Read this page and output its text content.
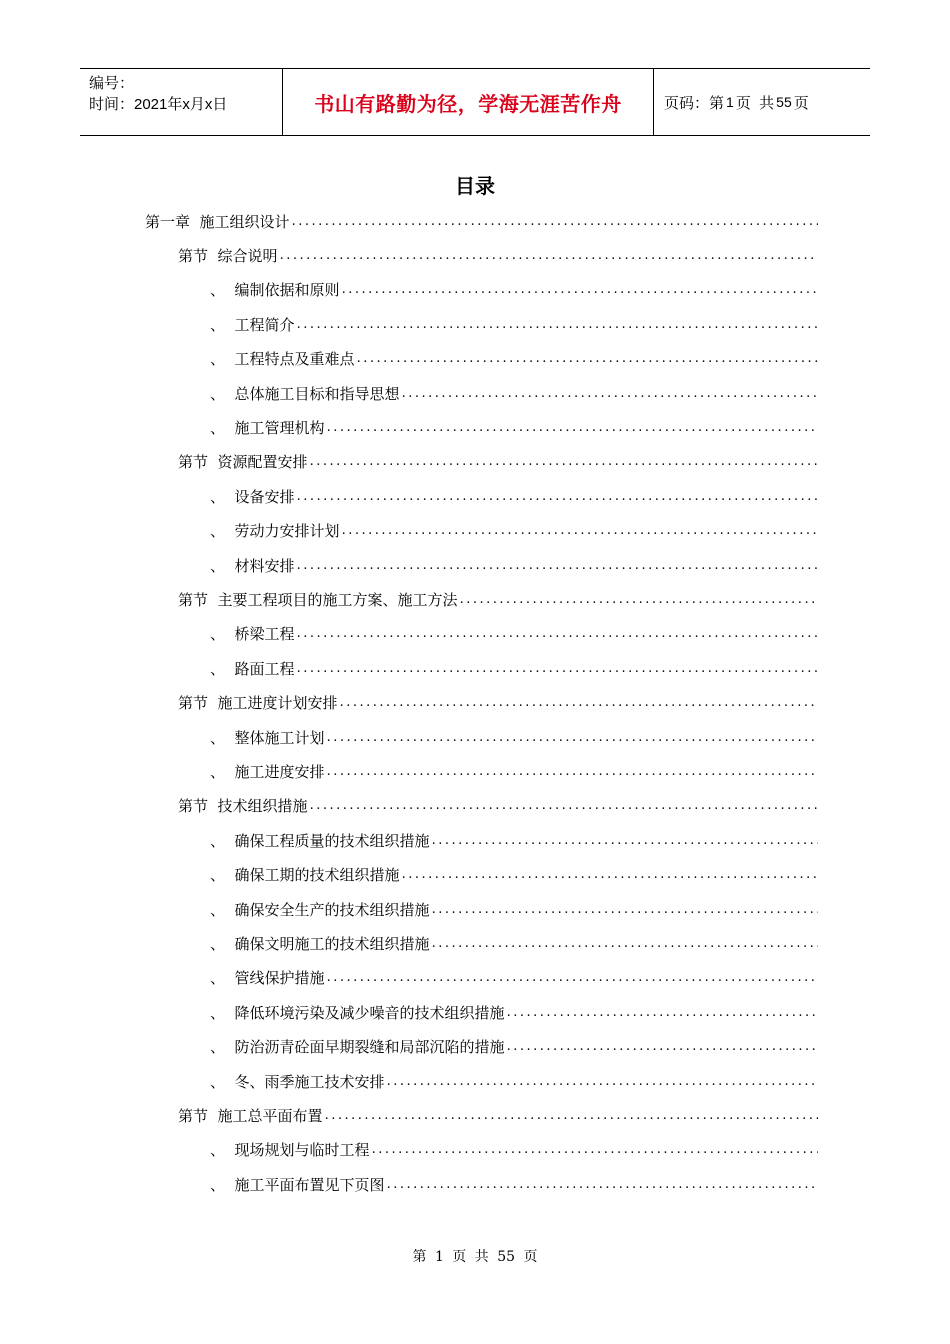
编号：
时间：2021年x月x日	书山有路勤为径，学海无涯苦作舟	页码：第 1 页  共 55 页
目录
第一章 施工组织设计
.....
第节 综合说明
.....
、 编制依据和原则
.....
、 工程简介
.....
、 工程特点及重难点
.....
、 总体施工目标和指导思想
.....
、 施工管理机构
.....
第节 资源配置安排
.....
、 设备安排
.....
、 劳动力安排计划
.....
、 材料安排
.....
第节 主要工程项目的施工方案、施工方法
.....
、 桥梁工程
.....
、 路面工程
.....
第节 施工进度计划安排
.....
、 整体施工计划
.....
、 施工进度安排
.....
第节 技术组织措施
.....
、 确保工程质量的技术组织措施
.....
、 确保工期的技术组织措施
.....
、 确保安全生产的技术组织措施
.....
、 确保文明施工的技术组织措施
.....
、 管线保护措施
.....
、 降低环境污染及减少噪音的技术组织措施
.....
、 防治沥青砼面早期裂缝和局部沉陷的措施
.....
、 冬、雨季施工技术安排
.....
第节 施工总平面布置
.....
、 现场规划与临时工程
.....
、 施工平面布置见下页图
.....
第 1 页 共 55 页
